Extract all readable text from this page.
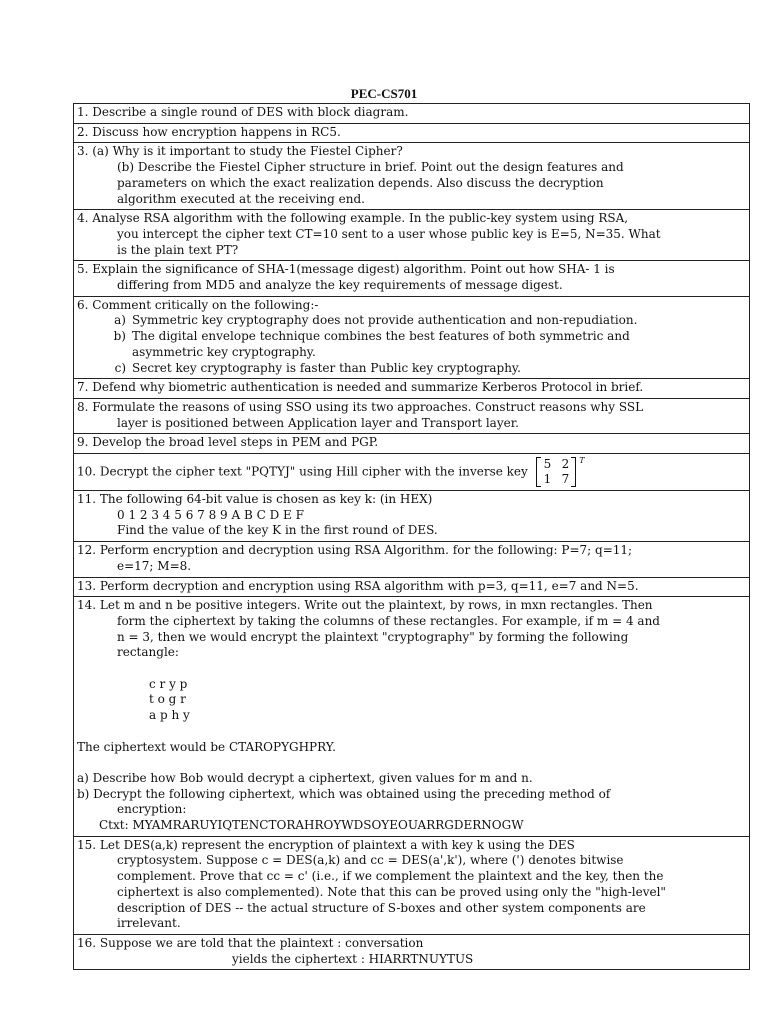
PEC-CS701
1. Describe a single round of DES with block diagram.

2. Discuss how encryption happens in RC5.

3. (a) Why is it important to study the Fiestel Cipher?
(b) Describe the Fiestel Cipher structure in brief. Point out the design features and
parameters on which the exact realization depends. Also discuss the decryption
algorithm executed at the receiving end.

4. Analyse RSA algorithm with the following example. In the public-key system using RSA,
you intercept the cipher text CT=10 sent to a user whose public key is E=5, N=35. What
is the plain text PT?

5. Explain the significance of SHA-1(message digest) algorithm. Point out how SHA- 1 is
differing from MD5 and analyze the key requirements of message digest.

6. Comment critically on the following:-
a) Symmetric key cryptography does not provide authentication and non-repudiation.
b) The digital envelope technique combines the best features of both symmetric and
asymmetric key cryptography.
c) Secret key cryptography is faster than Public key cryptography.

7. Defend why biometric authentication is needed and summarize Kerberos Protocol in brief.

8. Formulate the reasons of using SSO using its two approaches. Construct reasons why SSL
layer is positioned between Application layer and Transport layer.

9. Develop the broad level steps in PEM and PGP.

10. Decrypt the cipher text "PQTYJ" using Hill cipher with the inverse key
5 2
1 7
T

11. The following 64-bit value is chosen as key k: (in HEX)
0 1 2 3 4 5 6 7 8 9 A B C D E F
Find the value of the key K in the first round of DES.

12. Perform encryption and decryption using RSA Algorithm. for the following: P=7; q=11;
e=17; M=8.

13. Perform decryption and encryption using RSA algorithm with p=3, q=11, e=7 and N=5.

14. Let m and n be positive integers. Write out the plaintext, by rows, in mxn rectangles. Then
form the ciphertext by taking the columns of these rectangles. For example, if m = 4 and
n = 3, then we would encrypt the plaintext "cryptography" by forming the following
rectangle:
c r y p
t o g r
a p h y
The ciphertext would be CTAROPYGHPRY.
a) Describe how Bob would decrypt a ciphertext, given values for m and n.
b) Decrypt the following ciphertext, which was obtained using the preceding method of
encryption:
Ctxt: MYAMRARUYIQTENCTORAHROYWDSOYEOUARRGDERNOGW

15. Let DES(a,k) represent the encryption of plaintext a with key k using the DES
cryptosystem. Suppose c = DES(a,k) and cc = DES(a',k'), where (') denotes bitwise
complement. Prove that cc = c' (i.e., if we complement the plaintext and the key, then the
ciphertext is also complemented). Note that this can be proved using only the "high-level"
description of DES -- the actual structure of S-boxes and other system components are
irrelevant.

16. Suppose we are told that the plaintext : conversation
yields the ciphertext : HIARRTNUYTUS
